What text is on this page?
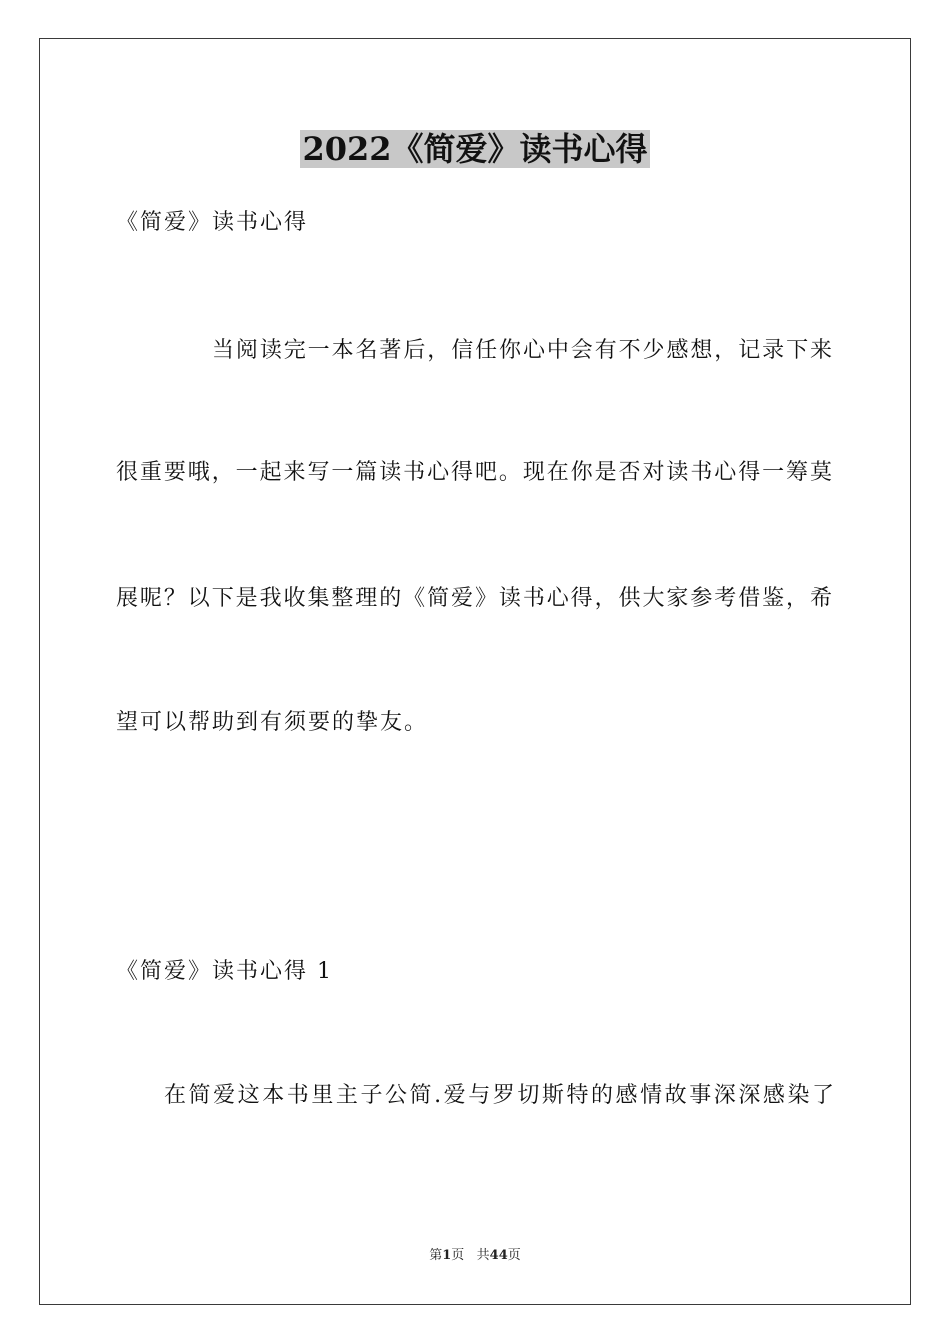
2022《简爱》读书心得
《简爱》读书心得
当阅读完一本名著后，信任你心中会有不少感想，记录下来
很重要哦，一起来写一篇读书心得吧。现在你是否对读书心得一筹莫
展呢？以下是我收集整理的《简爱》读书心得，供大家参考借鉴，希
望可以帮助到有须要的挚友。
《简爱》读书心得 1
在简爱这本书里主子公简.爱与罗切斯特的感情故事深深感染了
第1页   共44页
